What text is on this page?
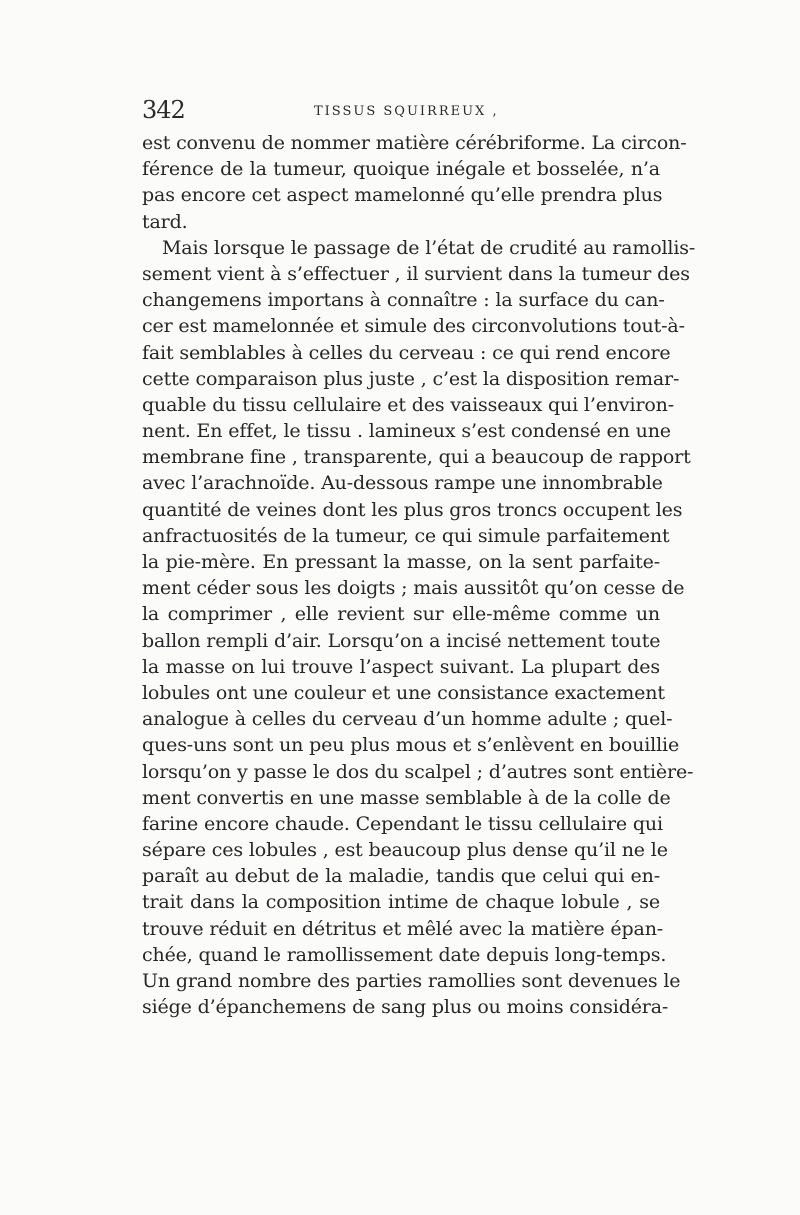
342	TISSUS SQUIRREUX ,
est convenu de nommer matière cérébriforme. La circon-
férence de la tumeur, quoique inégale et bosselée, n’a
pas encore cet aspect mamelonné qu’elle prendra plus
tard.
Mais lorsque le passage de l’état de crudité au ramollis-
sement vient à s’effectuer , il survient dans la tumeur des
changemens importans à connaître : la surface du can-
cer est mamelonnée et simule des circonvolutions tout-à-
fait semblables à celles du cerveau : ce qui rend encore
cette comparaison plus juste , c’est la disposition remar-
quable du tissu cellulaire et des vaisseaux qui l’environ-
nent. En effet, le tissu . lamineux s’est condensé en une
membrane fine , transparente, qui a beaucoup de rapport
avec l’arachnoïde. Au-dessous rampe une innombrable
quantité de veines dont les plus gros troncs occupent les
anfractuosités de la tumeur, ce qui simule parfaitement
la pie-mère. En pressant la masse, on la sent parfaite-
ment céder sous les doigts ; mais aussitôt qu’on cesse de
la comprimer , elle revient sur elle-même comme un
ballon rempli d’air. Lorsqu’on a incisé nettement toute
la masse on lui trouve l’aspect suivant. La plupart des
lobules ont une couleur et une consistance exactement
analogue à celles du cerveau d’un homme adulte ; quel-
ques-uns sont un peu plus mous et s’enlèvent en bouillie
lorsqu’on y passe le dos du scalpel ; d’autres sont entière-
ment convertis en une masse semblable à de la colle de
farine encore chaude. Cependant le tissu cellulaire qui
sépare ces lobules , est beaucoup plus dense qu’il ne le
paraît au debut de la maladie, tandis que celui qui en-
trait dans la composition intime de chaque lobule , se
trouve réduit en détritus et mêlé avec la matière épan-
chée, quand le ramollissement date depuis long-temps.
Un grand nombre des parties ramollies sont devenues le
siége d’épanchemens de sang plus ou moins considéra-
